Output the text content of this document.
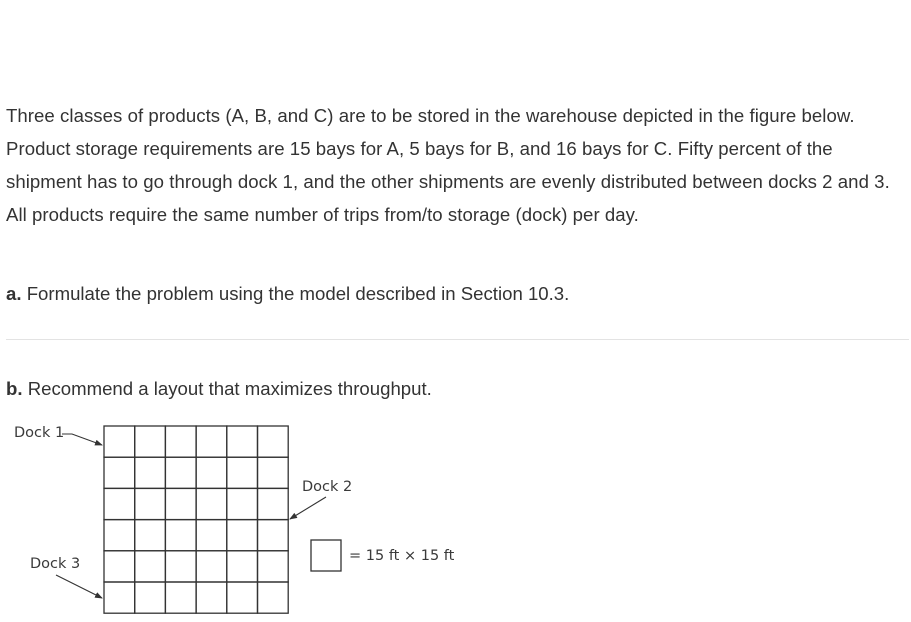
Three classes of products (A, B, and C) are to be stored in the warehouse depicted in the figure below. Product storage requirements are 15 bays for A, 5 bays for B, and 16 bays for C. Fifty percent of the shipment has to go through dock 1, and the other shipments are evenly distributed between docks 2 and 3. All products require the same number of trips from/to storage (dock) per day.

a. Formulate the problem using the model described in Section 10.3.

b. Recommend a layout that maximizes throughput.

Dock 1
Dock 2
Dock 3	= 15 ft × 15 ft
